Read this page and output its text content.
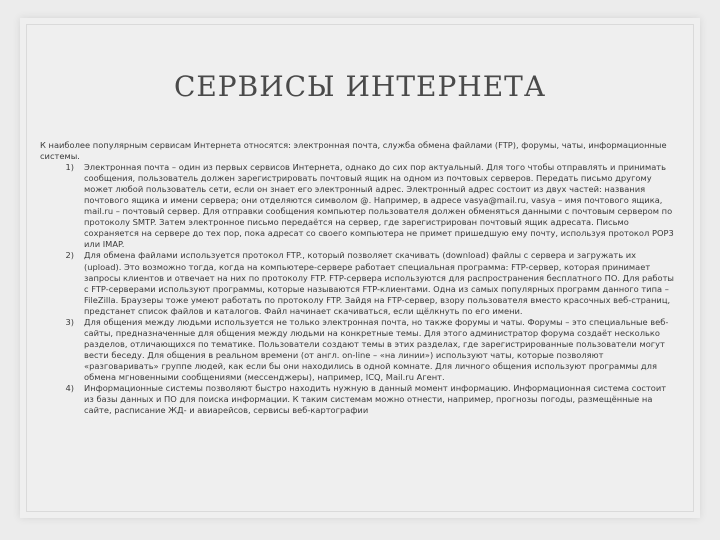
СЕРВИСЫ ИНТЕРНЕТА

К наиболее популярным сервисам Интернета относятся: электронная почта, служба обмена файлами (FTP), форумы, чаты, информационные системы.

1) Электронная почта – один из первых сервисов Интернета, однако до сих пор актуальный. Для того чтобы отправлять и принимать сообщения, пользователь должен зарегистрировать почтовый ящик на одном из почтовых серверов. Передать письмо другому может любой пользователь сети, если он знает его электронный адрес. Электронный адрес состоит из двух частей: названия почтового ящика и имени сервера; они отделяются символом @. Например, в адресе vasya@mail.ru, vasya – имя почтового ящика, mail.ru – почтовый сервер. Для отправки сообщения компьютер пользователя должен обменяться данными с почтовым сервером по протоколу SMTP. Затем электронное письмо передаётся на сервер, где зарегистрирован почтовый ящик адресата. Письмо сохраняется на сервере до тех пор, пока адресат со своего компьютера не примет пришедшую ему почту, используя протокол POP3 или IMAP.
2) Для обмена файлами используется протокол FTP., который позволяет скачивать (download) файлы с сервера и загружать их (upload). Это возможно тогда, когда на компьютере-сервере работает специальная программа: FTP-сервер, которая принимает запросы клиентов и отвечает на них по протоколу FTP. FTP-сервера используются для распространения бесплатного ПО. Для работы с FTP-серверами используют программы, которые называются FTP-клиентами. Одна из самых популярных программ данного типа – FileZilla. Браузеры тоже умеют работать по протоколу FTP. Зайдя на FTP-сервер, взору пользователя вместо красочных веб-страниц, предстанет список файлов и каталогов. Файл начинает скачиваться, если щёлкнуть по его имени.
3) Для общения между людьми используется не только электронная почта, но также форумы и чаты. Форумы – это специальные веб-сайты, предназначенные для общения между людьми на конкретные темы. Для этого администратор форума создаёт несколько разделов, отличающихся по тематике. Пользователи создают темы в этих разделах, где зарегистрированные пользователи могут вести беседу. Для общения в реальном времени (от англ. on-line – «на линии») используют чаты, которые позволяют «разговаривать» группе людей, как если бы они находились в одной комнате. Для личного общения используют программы для обмена мгновенными сообщениями (мессенджеры), например, ICQ, Mail.ru Агент.
4) Информационные системы позволяют быстро находить нужную в данный момент информацию. Информационная система состоит из базы данных и ПО для поиска информации. К таким системам можно отнести, например, прогнозы погоды, размещённые на сайте, расписание ЖД- и авиарейсов, сервисы веб-картографии
